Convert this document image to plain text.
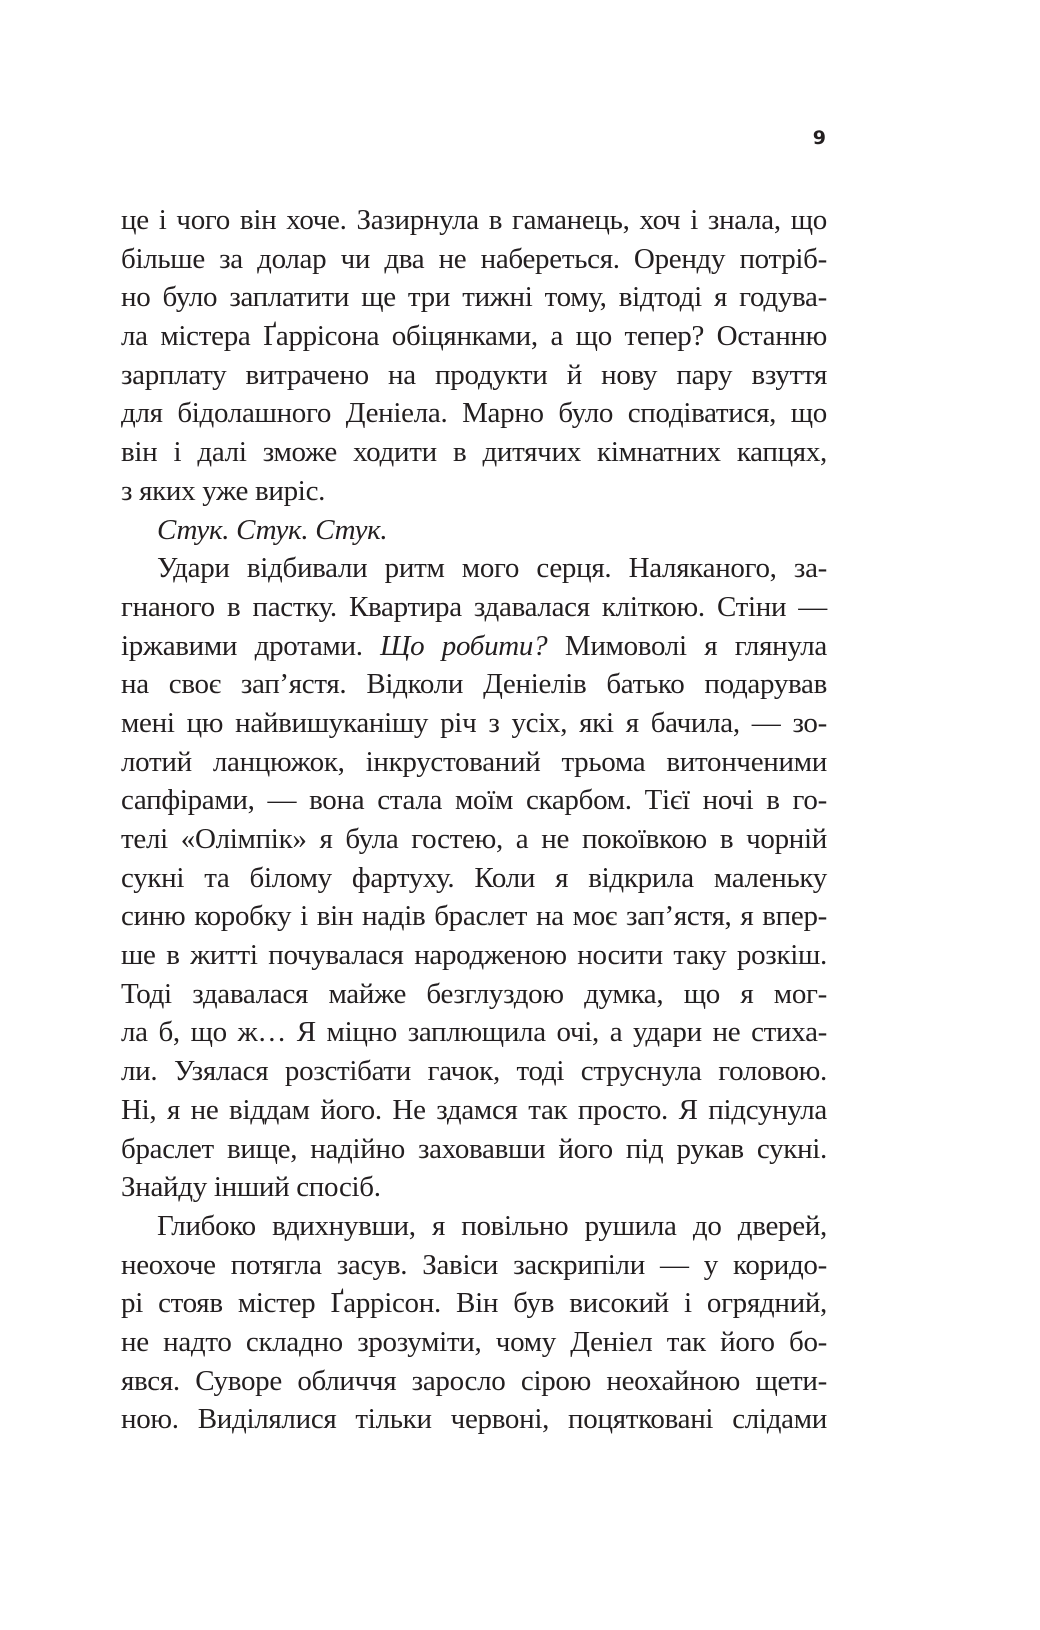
9
це і чого він хоче. Зазирнула в гаманець, хоч і знала, що
більше за долар чи два не набереться. Оренду потріб-
но було заплатити ще три тижні тому, відтоді я годува-
ла містера Ґаррісона обіцянками, а що тепер? Останню
зарплату витрачено на продукти й нову пару взуття
для бідолашного Деніела. Марно було сподіватися, що
він і далі зможе ходити в дитячих кімнатних капцях,
з яких уже виріс.
Стук. Стук. Стук.
Удари відбивали ритм мого серця. Наляканого, за-
гнаного в пастку. Квартира здавалася кліткою. Стіни —
іржавими дротами. Що робити? Мимоволі я глянула
на своє зап’ястя. Відколи Деніелів батько подарував
мені цю найвишуканішу річ з усіх, які я бачила, — зо-
лотий ланцюжок, інкрустований трьома витонченими
сапфірами, — вона стала моїм скарбом. Тієї ночі в го-
телі «Олімпік» я була гостею, а не покоївкою в чорній
сукні та білому фартуху. Коли я відкрила маленьку
синю коробку і він надів браслет на моє зап’ястя, я впер-
ше в житті почувалася народженою носити таку розкіш.
Тоді здавалася майже безглуздою думка, що я мог-
ла б, що ж… Я міцно заплющила очі, а удари не стиха-
ли. Узялася розстібати гачок, тоді струснула головою.
Ні, я не віддам його. Не здамся так просто. Я підсунула
браслет вище, надійно заховавши його під рукав сукні.
Знайду інший спосіб.
Глибоко вдихнувши, я повільно рушила до дверей,
неохоче потягла засув. Завіси заскрипіли — у коридо-
рі стояв містер Ґаррісон. Він був високий і огрядний,
не надто складно зрозуміти, чому Деніел так його бо-
явся. Суворе обличчя заросло сірою неохайною щети-
ною. Виділялися тільки червоні, поцятковані слідами
